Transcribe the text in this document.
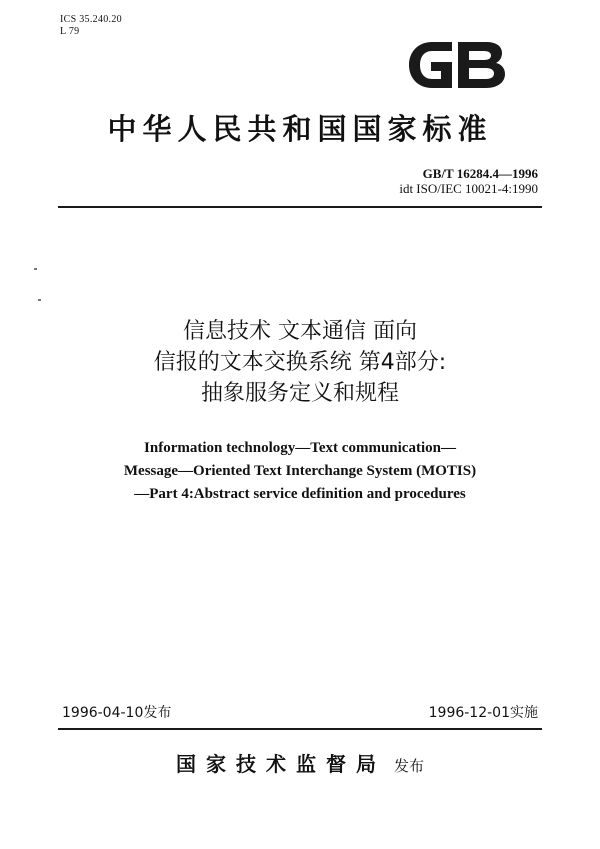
ICS 35.240.20
L 79
中华人民共和国国家标准
GB/T 16284.4—1996
idt ISO/IEC 10021-4:1990
信息技术 文本通信 面向
信报的文本交换系统 第4部分:
抽象服务定义和规程
Information technology—Text communication—
Message—Oriented Text Interchange System (MOTIS)
—Part 4:Abstract service definition and procedures
1996-04-10发布	1996-12-01实施
国家技术监督局 发布
